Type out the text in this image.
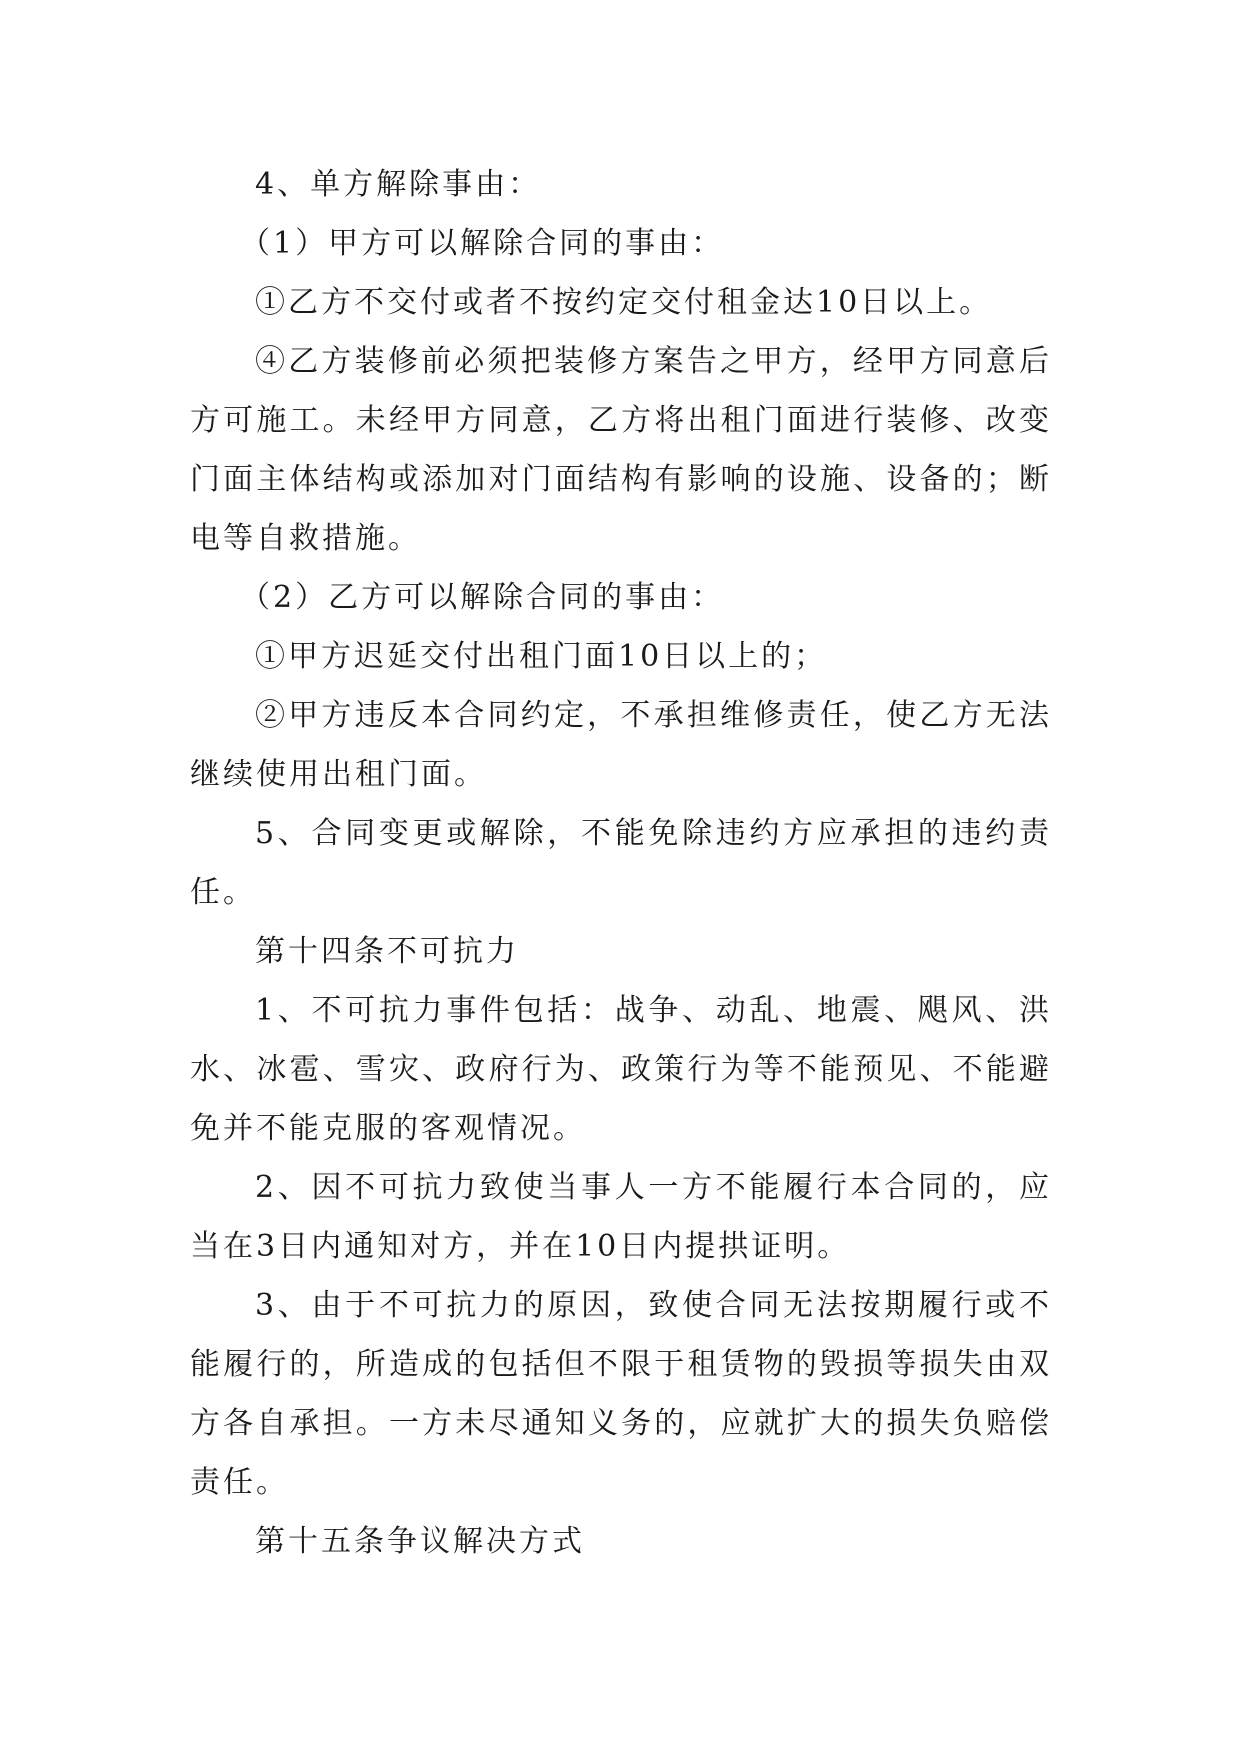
4、单方解除事由：

（1）甲方可以解除合同的事由：

①乙方不交付或者不按约定交付租金达10日以上。

④乙方装修前必须把装修方案告之甲方，经甲方同意后方可施工。未经甲方同意，乙方将出租门面进行装修、改变门面主体结构或添加对门面结构有影响的设施、设备的；断电等自救措施。

（2）乙方可以解除合同的事由：

①甲方迟延交付出租门面10日以上的；

②甲方违反本合同约定，不承担维修责任，使乙方无法继续使用出租门面。

5、合同变更或解除，不能免除违约方应承担的违约责任。

第十四条不可抗力

1、不可抗力事件包括：战争、动乱、地震、飓风、洪水、冰雹、雪灾、政府行为、政策行为等不能预见、不能避免并不能克服的客观情况。

2、因不可抗力致使当事人一方不能履行本合同的，应当在3日内通知对方，并在10日内提拱证明。

3、由于不可抗力的原因，致使合同无法按期履行或不能履行的，所造成的包括但不限于租赁物的毁损等损失由双方各自承担。一方未尽通知义务的，应就扩大的损失负赔偿责任。

第十五条争议解决方式
